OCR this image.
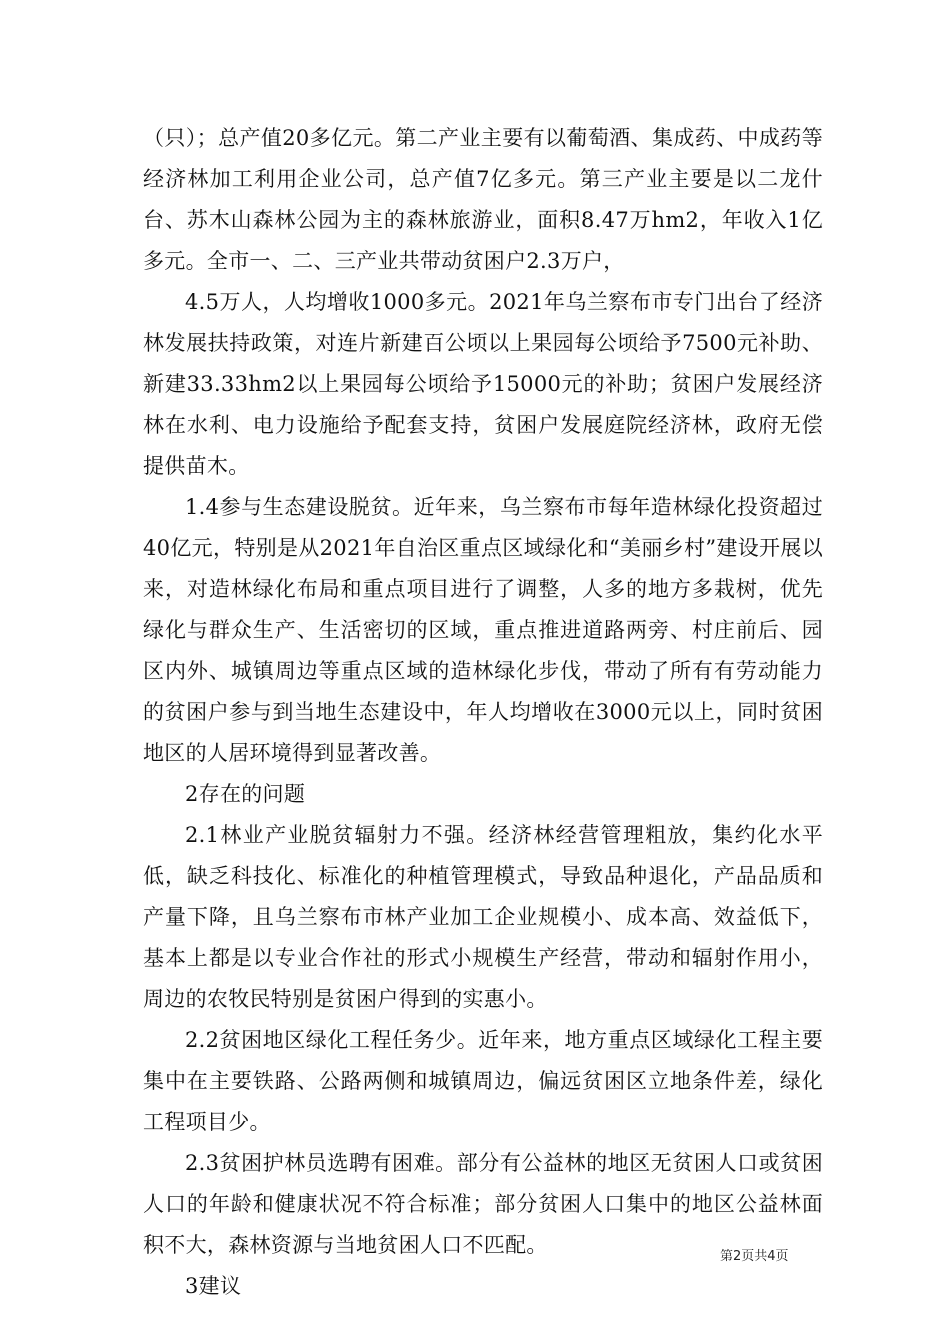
（只）；总产值20多亿元。第二产业主要有以葡萄酒、集成药、中成药等经济林加工利用企业公司，总产值7亿多元。第三产业主要是以二龙什台、苏木山森林公园为主的森林旅游业，面积8.47万hm2，年收入1亿多元。全市一、二、三产业共带动贫困户2.3万户，

4.5万人，人均增收1000多元。2021年乌兰察布市专门出台了经济林发展扶持政策，对连片新建百公顷以上果园每公顷给予7500元补助、新建33.33hm2以上果园每公顷给予15000元的补助；贫困户发展经济林在水利、电力设施给予配套支持，贫困户发展庭院经济林，政府无偿提供苗木。

1.4参与生态建设脱贫。近年来，乌兰察布市每年造林绿化投资超过40亿元，特别是从2021年自治区重点区域绿化和“美丽乡村”建设开展以来，对造林绿化布局和重点项目进行了调整，人多的地方多栽树，优先绿化与群众生产、生活密切的区域，重点推进道路两旁、村庄前后、园区内外、城镇周边等重点区域的造林绿化步伐，带动了所有有劳动能力的贫困户参与到当地生态建设中，年人均增收在3000元以上，同时贫困地区的人居环境得到显著改善。

2存在的问题

2.1林业产业脱贫辐射力不强。经济林经营管理粗放，集约化水平低，缺乏科技化、标准化的种植管理模式，导致品种退化，产品品质和产量下降，且乌兰察布市林产业加工企业规模小、成本高、效益低下，基本上都是以专业合作社的形式小规模生产经营，带动和辐射作用小，周边的农牧民特别是贫困户得到的实惠小。

2.2贫困地区绿化工程任务少。近年来，地方重点区域绿化工程主要集中在主要铁路、公路两侧和城镇周边，偏远贫困区立地条件差，绿化工程项目少。

2.3贫困护林员选聘有困难。部分有公益林的地区无贫困人口或贫困人口的年龄和健康状况不符合标准；部分贫困人口集中的地区公益林面积不大，森林资源与当地贫困人口不匹配。

3建议

第2页共4页
